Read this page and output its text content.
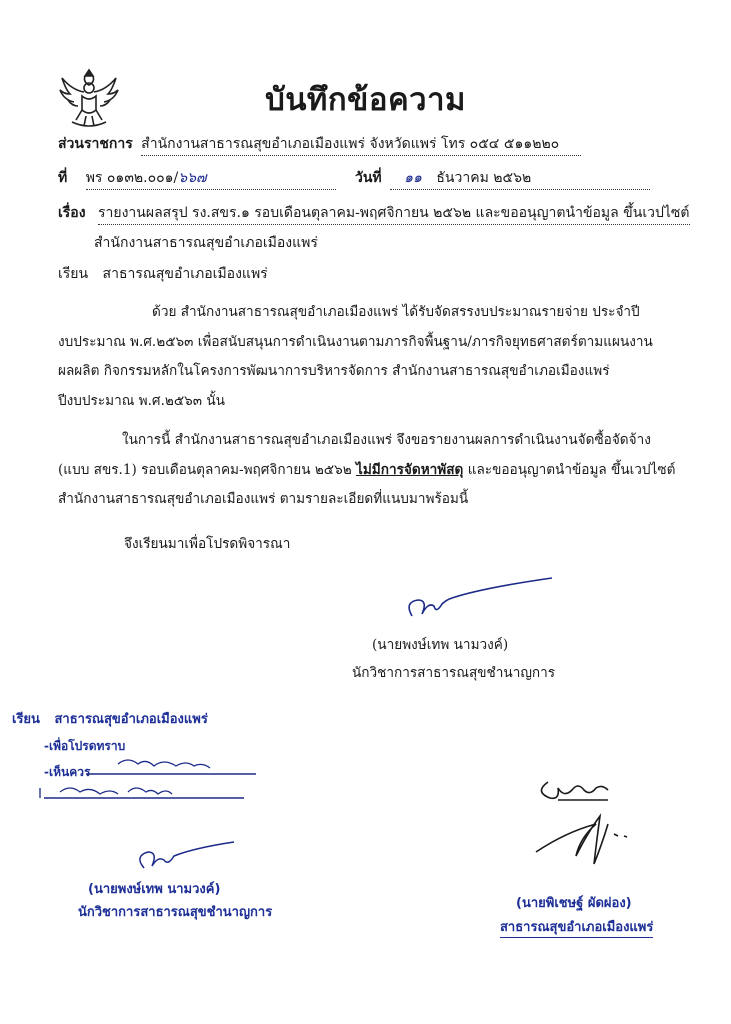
บันทึกข้อความ
ส่วนราชการ สำนักงานสาธารณสุขอำเภอเมืองแพร่ จังหวัดแพร่ โทร ๐๕๔ ๕๑๑๒๒๐
ที่ พร ๐๑๓๒.๐๐๑/๖๖๗	วันที่ ๑๑ ธันวาคม ๒๕๖๒
เรื่อง รายงานผลสรุป รง.สขร.๑ รอบเดือนตุลาคม-พฤศจิกายน ๒๕๖๒ และขออนุญาตนำข้อมูล ขึ้นเวปไซต์
สำนักงานสาธารณสุขอำเภอเมืองแพร่
เรียน สาธารณสุขอำเภอเมืองแพร่
ด้วย สำนักงานสาธารณสุขอำเภอเมืองแพร่ ได้รับจัดสรรงบประมาณรายจ่าย ประจำปี
งบประมาณ พ.ศ.๒๕๖๓ เพื่อสนับสนุนการดำเนินงานตามภารกิจพื้นฐาน/ภารกิจยุทธศาสตร์ตามแผนงาน
ผลผลิต กิจกรรมหลักในโครงการพัฒนาการบริหารจัดการ สำนักงานสาธารณสุขอำเภอเมืองแพร่
ปีงบประมาณ พ.ศ.๒๕๖๓ นั้น
ในการนี้ สำนักงานสาธารณสุขอำเภอเมืองแพร่ จึงขอรายงานผลการดำเนินงานจัดซื้อจัดจ้าง
(แบบ สขร.1) รอบเดือนตุลาคม-พฤศจิกายน ๒๕๖๒ ไม่มีการจัดหาพัสดุ และขออนุญาตนำข้อมูล ขึ้นเวปไซต์
สำนักงานสาธารณสุขอำเภอเมืองแพร่ ตามรายละเอียดที่แนบมาพร้อมนี้
จึงเรียนมาเพื่อโปรดพิจารณา
(นายพงษ์เทพ นามวงค์)
นักวิชาการสาธารณสุขชำนาญการ
เรียน สาธารณสุขอำเภอเมืองแพร่
-เพื่อโปรดทราบ
-เห็นควร
(นายพงษ์เทพ นามวงค์)
นักวิชาการสาธารณสุขชำนาญการ
(นายพิเชษฐ์ ผัดผ่อง)
สาธารณสุขอำเภอเมืองแพร่
